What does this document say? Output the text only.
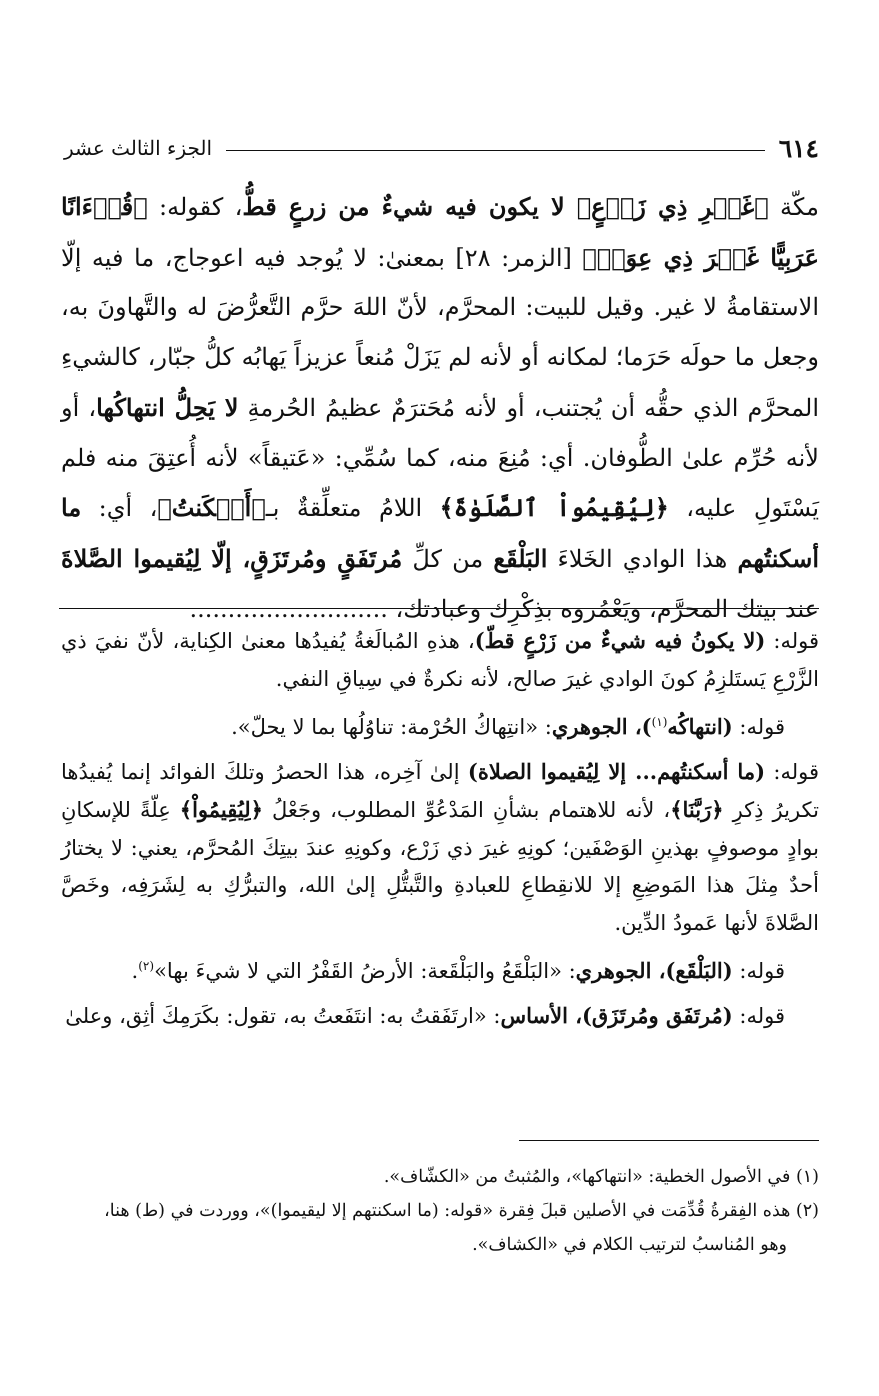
٦١٤
الجزء الثالث عشر

مكّة ﴿غَيۡرِ ذِي زَرۡعٍ﴾ لا يكون فيه شيءٌ من زرعٍ قطُّ، كقوله: ﴿قُرۡءَانًا عَرَبِيًّا غَيۡرَ ذِي عِوَجٖ﴾ [الزمر: ٢٨] بمعنىٰ: لا يُوجد فيه اعوجاج، ما فيه إلّا الاستقامةُ لا غير. وقيل للبيت: المحرَّم، لأنّ اللهَ حرَّم التَّعرُّضَ له والتَّهاونَ به، وجعل ما حولَه حَرَما؛ لمكانه أو لأنه لم يَزَلْ مُنعاً عزيزاً يَهابُه كلُّ جبّار، كالشيءِ المحرَّم الذي حقُّه أن يُجتنب، أو لأنه مُحَترَمٌ عظيمُ الحُرمةِ لا يَحِلُّ انتهاكُها، أو لأنه حُرِّم علىٰ الطُّوفان. أي: مُنِعَ منه، كما سُمِّي: «عَتيقاً» لأنه أُعتِقَ منه فلم يَسْتَولِ عليه، ﴿لِيُقِيمُواْ ٱلصَّلَوٰةَ﴾ اللامُ متعلِّقةٌ بـ﴿أَسۡكَنتُ﴾، أي: ما أسكنتُهم هذا الوادي الخَلاءَ البَلْقَع من كلِّ مُرتَفَقٍ ومُرتَزَقٍ، إلّا لِيُقيموا الصَّلاةَ عند بيتك المحرَّم، ويَعْمُروه بذِكْرِك وعبادتك، ..........................

قوله: (لا يكونُ فيه شيءٌ من زَرْعٍ قطّ)، هذهِ المُبالَغةُ يُفيدُها معنىٰ الكِناية، لأنّ نفيَ ذي الزَّرْعِ يَستَلزِمُ كونَ الوادي غيرَ صالح، لأنه نكرةٌ في سِياقِ النفي.

قوله: (انتهاكُه$^{(١)}$)، الجوهري: «انتِهاكُ الحُرْمة: تناوُلُها بما لا يحلّ».

قوله: (ما أسكنتُهم... إلا لِيُقيموا الصلاة) إلىٰ آخِره، هذا الحصرُ وتلكَ الفوائد إنما يُفيدُها تكريرُ ذِكرِ ﴿رَبَّنَا﴾، لأنه للاهتمام بشأنِ المَدْعُوِّ المطلوب، وجَعْلُ ﴿لِيُقِيمُواْ﴾ عِلّةً للإسكانِ بوادٍ موصوفٍ بهذينِ الوَصْفَين؛ كونِهِ غيرَ ذي زَرْع، وكونِهِ عندَ بيتِكَ المُحرَّم، يعني: لا يختارُ أحدٌ مِثلَ هذا المَوضِعِ إلا للانقِطاعِ للعبادةِ والتَّبتُّلِ إلىٰ الله، والتبرُّكِ به لِشَرَفِه، وخَصَّ الصَّلاةَ لأنها عَمودُ الدِّين.

قوله: (البَلْقَع)، الجوهري: «البَلْقَعُ والبَلْقَعة: الأرضُ القَفْرُ التي لا شيءَ بها»$^{(٢)}$.

قوله: (مُرتَفَق ومُرتَزَق)، الأساس: «ارتَفَقتُ به: انتَفَعتُ به، تقول: بكَرَمِكَ أثِق، وعلىٰ

(١) في الأصول الخطية: «انتهاكها»، والمُثبتُ من «الكشّاف».

(٢) هذه الفِقرةُ قُدِّمَت في الأصلين قبلَ فِقرة «قوله: (ما اسكنتهم إلا ليقيموا)»، ووردت في (ط) هنا،

وهو المُناسبُ لترتيب الكلام في «الكشاف».
